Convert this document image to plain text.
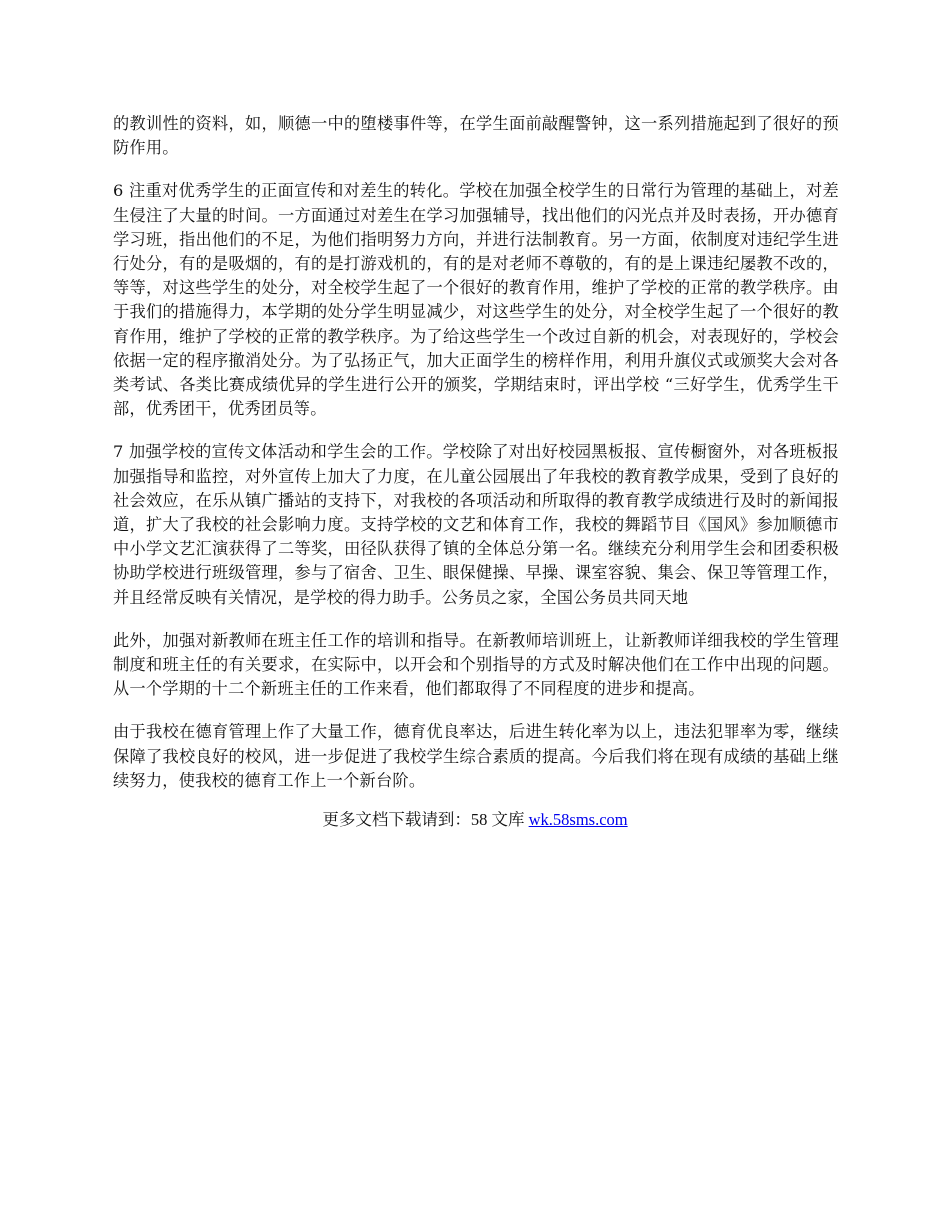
的教训性的资料，如，顺德一中的堕楼事件等，在学生面前敲醒警钟，这一系列措施起到了很好的预防作用。

6 注重对优秀学生的正面宣传和对差生的转化。学校在加强全校学生的日常行为管理的基础上，对差生侵注了大量的时间。一方面通过对差生在学习加强辅导，找出他们的闪光点并及时表扬，开办德育学习班，指出他们的不足，为他们指明努力方向，并进行法制教育。另一方面，依制度对违纪学生进行处分，有的是吸烟的，有的是打游戏机的，有的是对老师不尊敬的，有的是上课违纪屡教不改的，等等，对这些学生的处分，对全校学生起了一个很好的教育作用，维护了学校的正常的教学秩序。由于我们的措施得力，本学期的处分学生明显减少，对这些学生的处分，对全校学生起了一个很好的教育作用，维护了学校的正常的教学秩序。为了给这些学生一个改过自新的机会，对表现好的，学校会依据一定的程序撤消处分。为了弘扬正气，加大正面学生的榜样作用，利用升旗仪式或颁奖大会对各类考试、各类比赛成绩优异的学生进行公开的颁奖，学期结束时，评出学校 “三好学生，优秀学生干部，优秀团干，优秀团员等。

7 加强学校的宣传文体活动和学生会的工作。学校除了对出好校园黑板报、宣传橱窗外，对各班板报加强指导和监控，对外宣传上加大了力度，在儿童公园展出了年我校的教育教学成果，受到了良好的社会效应，在乐从镇广播站的支持下，对我校的各项活动和所取得的教育教学成绩进行及时的新闻报道，扩大了我校的社会影响力度。支持学校的文艺和体育工作，我校的舞蹈节目《国风》参加顺德市中小学文艺汇演获得了二等奖，田径队获得了镇的全体总分第一名。继续充分利用学生会和团委积极协助学校进行班级管理，参与了宿舍、卫生、眼保健操、早操、课室容貌、集会、保卫等管理工作，并且经常反映有关情况，是学校的得力助手。公务员之家，全国公务员共同天地

此外，加强对新教师在班主任工作的培训和指导。在新教师培训班上，让新教师详细我校的学生管理制度和班主任的有关要求，在实际中，以开会和个别指导的方式及时解决他们在工作中出现的问题。从一个学期的十二个新班主任的工作来看，他们都取得了不同程度的进步和提高。

由于我校在德育管理上作了大量工作，德育优良率达，后进生转化率为以上，违法犯罪率为零，继续保障了我校良好的校风，进一步促进了我校学生综合素质的提高。今后我们将在现有成绩的基础上继续努力，使我校的德育工作上一个新台阶。

更多文档下载请到：58 文库 wk.58sms.com
